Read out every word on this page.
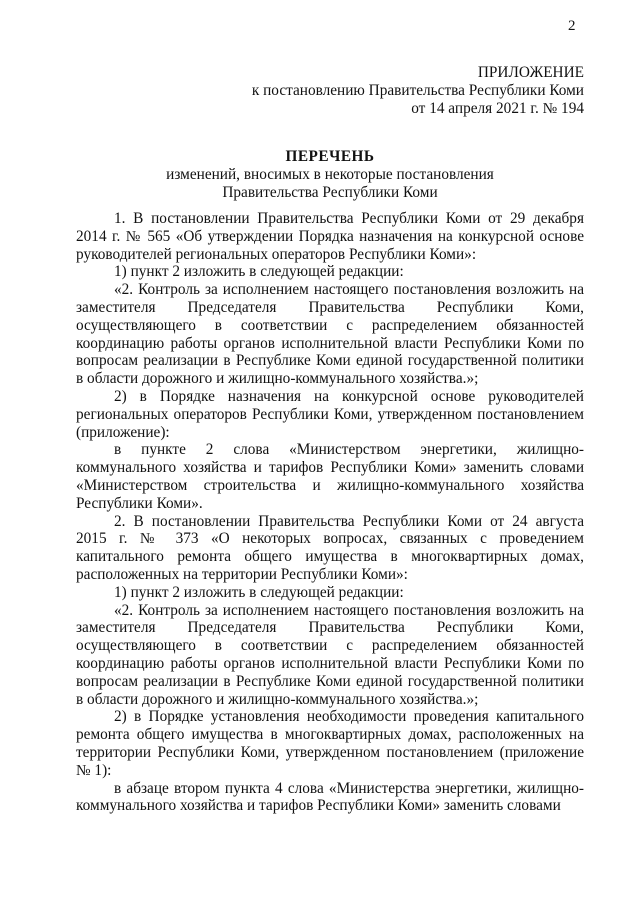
2
ПРИЛОЖЕНИЕ
к постановлению Правительства Республики Коми
от 14 апреля 2021 г. № 194
ПЕРЕЧЕНЬ
изменений, вносимых в некоторые постановления
Правительства Республики Коми

1. В постановлении Правительства Республики Коми от 29 декабря 2014 г. № 565 «Об утверждении Порядка назначения на конкурсной основе руководителей региональных операторов Республики Коми»:

1) пункт 2 изложить в следующей редакции:

«2. Контроль за исполнением настоящего постановления возложить на заместителя Председателя Правительства Республики Коми, осуществляющего в соответствии с распределением обязанностей координацию работы органов исполнительной власти Республики Коми по вопросам реализации в Республике Коми единой государственной политики в области дорожного и жилищно-коммунального хозяйства.»;

2) в Порядке назначения на конкурсной основе руководителей региональных операторов Республики Коми, утвержденном постановлением (приложение):

в пункте 2 слова «Министерством энергетики, жилищно-коммунального хозяйства и тарифов Республики Коми» заменить словами «Министерством строительства и жилищно-коммунального хозяйства Республики Коми».

2. В постановлении Правительства Республики Коми от 24 августа 2015 г. № 373 «О некоторых вопросах, связанных с проведением капитального ремонта общего имущества в многоквартирных домах, расположенных на территории Республики Коми»:

1) пункт 2 изложить в следующей редакции:

«2. Контроль за исполнением настоящего постановления возложить на заместителя Председателя Правительства Республики Коми, осуществляющего в соответствии с распределением обязанностей координацию работы органов исполнительной власти Республики Коми по вопросам реализации в Республике Коми единой государственной политики в области дорожного и жилищно-коммунального хозяйства.»;

2) в Порядке установления необходимости проведения капитального ремонта общего имущества в многоквартирных домах, расположенных на территории Республики Коми, утвержденном постановлением (приложение № 1):

в абзаце втором пункта 4 слова «Министерства энергетики, жилищно-коммунального хозяйства и тарифов Республики Коми» заменить словами
